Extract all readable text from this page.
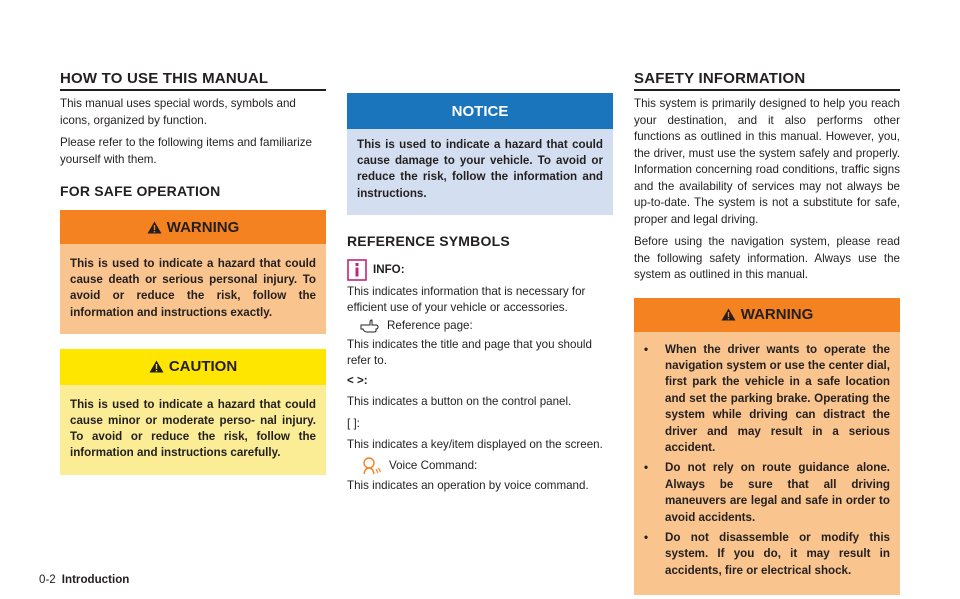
HOW TO USE THIS MANUAL

This manual uses special words, symbols and icons, organized by function.

Please refer to the following items and familiarize yourself with them.

FOR SAFE OPERATION
WARNING
This is used to indicate a hazard that could cause death or serious personal injury. To avoid or reduce the risk, follow the information and instructions exactly.
CAUTION
This is used to indicate a hazard that could cause minor or moderate perso- nal injury. To avoid or reduce the risk, follow the information and instructions carefully.
NOTICE
This is used to indicate a hazard that could cause damage to your vehicle. To avoid or reduce the risk, follow the information and instructions.
REFERENCE SYMBOLS
INFO:

This indicates information that is necessary for efficient use of your vehicle or accessories.

Reference page:

This indicates the title and page that you should refer to.

< >:

This indicates a button on the control panel.

[ ]:

This indicates a key/item displayed on the screen.

Voice Command:

This indicates an operation by voice command.

SAFETY INFORMATION

This system is primarily designed to help you reach your destination, and it also performs other functions as outlined in this manual. However, you, the driver, must use the system safely and properly. Information concerning road conditions, traffic signs and the availability of services may not always be up-to-date. The system is not a substitute for safe, proper and legal driving.

Before using the navigation system, please read the following safety information. Always use the system as outlined in this manual.

WARNING
• When the driver wants to operate the navigation system or use the center dial, first park the vehicle in a safe location and set the parking brake. Operating the system while driving can distract the driver and may result in a serious accident.
• Do not rely on route guidance alone. Always be sure that all driving maneuvers are legal and safe in order to avoid accidents.
• Do not disassemble or modify this system. If you do, it may result in accidents, fire or electrical shock.
0-2 Introduction
